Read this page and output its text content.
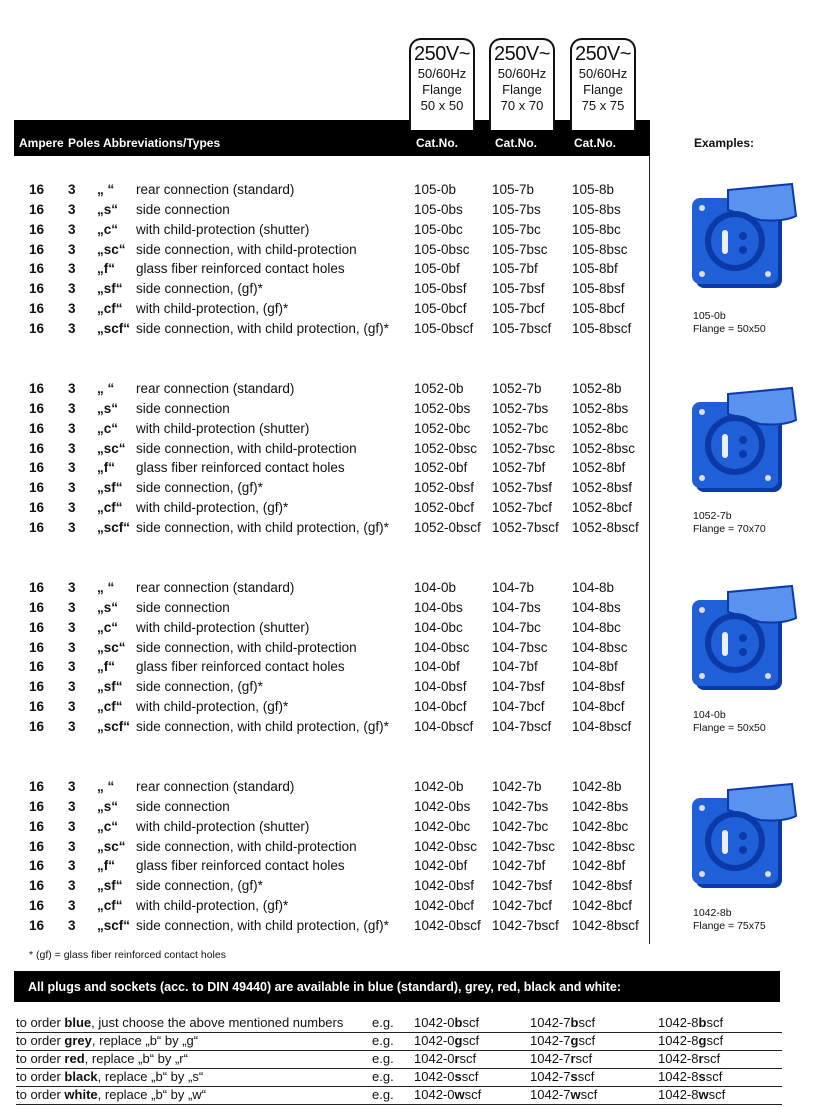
250V~
50/60Hz
Flange
50 x 50
250V~
50/60Hz
Flange
70 x 70
250V~
50/60Hz
Flange
75 x 75
Ampere Poles Abbreviations/Types	Cat.No.	Cat.No.	Cat.No.	Examples:
16 3 „ “ rear connection (standard)	105-0b	105-7b	105-8b
16 3 „s“ side connection	105-0bs 105-7bs 105-8bs
16 3 „c“ with child-protection (shutter)	105-0bc 105-7bc 105-8bc
16 3 „sc“ side connection, with child-protection	105-0bsc 105-7bsc 105-8bsc
16 3 „f“ glass fiber reinforced contact holes	105-0bf 105-7bf	105-8bf
16 3 „sf“ side connection, (gf)*	105-0bsf 105-7bsf 105-8bsf
16 3 „cf“ with child-protection, (gf)*	105-0bcf 105-7bcf 105-8bcf
16 3 „scf“ side connection, with child protection, (gf)* 105-0bscf 105-7bscf 105-8bscf
16 3 „ “ rear connection (standard)	1052-0b 1052-7b 1052-8b
16 3 „s“ side connection	1052-0bs 1052-7bs 1052-8bs
16 3 „c“ with child-protection (shutter)	1052-0bc 1052-7bc 1052-8bc
16 3 „sc“ side connection, with child-protection	1052-0bsc 1052-7bsc 1052-8bsc
16 3 „f“ glass fiber reinforced contact holes	1052-0bf 1052-7bf 1052-8bf
16 3 „sf“ side connection, (gf)*	1052-0bsf 1052-7bsf 1052-8bsf
16 3 „cf“ with child-protection, (gf)*	1052-0bcf 1052-7bcf 1052-8bcf
16 3 „scf“ side connection, with child protection, (gf)* 1052-0bscf 1052-7bscf 1052-8bscf
16 3 „ “ rear connection (standard)	104-0b	104-7b	104-8b
16 3 „s“ side connection	104-0bs 104-7bs 104-8bs
16 3 „c“ with child-protection (shutter)	104-0bc 104-7bc 104-8bc
16 3 „sc“ side connection, with child-protection	104-0bsc 104-7bsc 104-8bsc
16 3 „f“ glass fiber reinforced contact holes	104-0bf 104-7bf	104-8bf
16 3 „sf“ side connection, (gf)*	104-0bsf 104-7bsf 104-8bsf
16 3 „cf“ with child-protection, (gf)*	104-0bcf 104-7bcf 104-8bcf
16 3 „scf“ side connection, with child protection, (gf)* 104-0bscf 104-7bscf 104-8bscf
16 3 „ “ rear connection (standard)	1042-0b 1042-7b 1042-8b
16 3 „s“ side connection	1042-0bs 1042-7bs 1042-8bs
16 3 „c“ with child-protection (shutter)	1042-0bc 1042-7bc 1042-8bc
16 3 „sc“ side connection, with child-protection	1042-0bsc 1042-7bsc 1042-8bsc
16 3 „f“ glass fiber reinforced contact holes	1042-0bf 1042-7bf 1042-8bf
16 3 „sf“ side connection, (gf)*	1042-0bsf 1042-7bsf 1042-8bsf
16 3 „cf“ with child-protection, (gf)*	1042-0bcf 1042-7bcf 1042-8bcf
16 3 „scf“ side connection, with child protection, (gf)* 1042-0bscf 1042-7bscf 1042-8bscf
105-0b
Flange = 50x50
1052-7b
Flange = 70x70
104-0b
Flange = 50x50
1042-8b
Flange = 75x75
* (gf) = glass fiber reinforced contact holes
All plugs and sockets (acc. to DIN 49440) are available in blue (standard), grey, red, black and white:
to order blue, just choose the above mentioned numbers e.g. 1042-0bscf	1042-7bscf	1042-8bscf
to order grey, replace „b“ by „g“	e.g. 1042-0gscf	1042-7gscf	1042-8gscf
to order red, replace „b“ by „r“	e.g. 1042-0rscf	1042-7rscf	1042-8rscf
to order black, replace „b“ by „s“	e.g. 1042-0sscf	1042-7sscf	1042-8sscf
to order white, replace „b“ by „w“	e.g. 1042-0wscf	1042-7wscf	1042-8wscf
